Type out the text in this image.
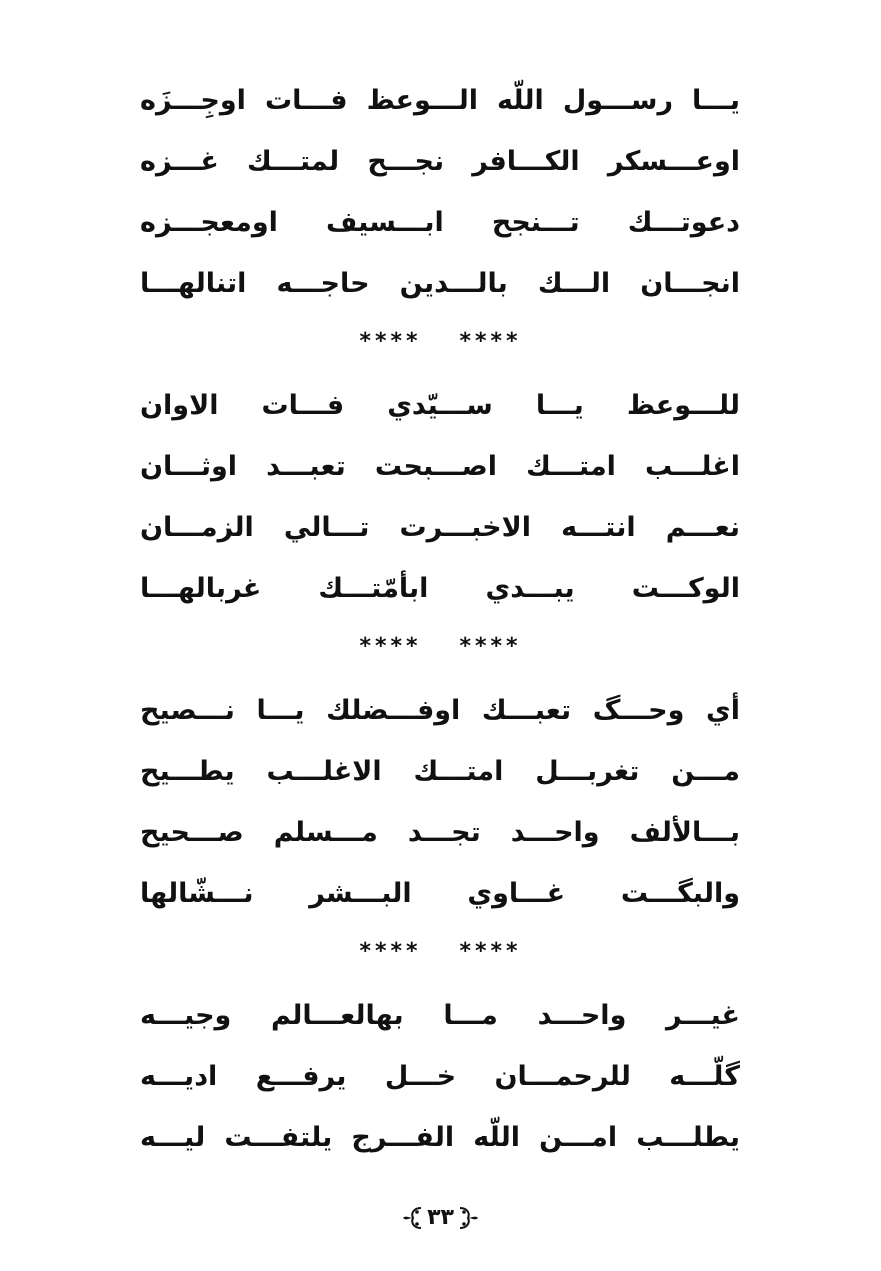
يـــا رســـول اللّه الـــوعظ فـــات اوجِـــزَه
اوعـــسكر الكـــافر نجـــح لمتـــك غـــزه
دعوتـــك تـــنجح ابـــسيف اومعجـــزه
انجـــان الـــك بالـــدين حاجـــه اتنالهـــا
**** ****
للـــوعظ يـــا ســـيّدي فـــات الاوان
اغلـــب امتـــك اصـــبحت تعبـــد اوثـــان
نعـــم انتـــه الاخبـــرت تـــالي الزمـــان
الوكـــت يبـــدي ابأمّتـــك غربالهـــا
**** ****
أي وحـــگ تعبـــك اوفـــضلك يـــا نـــصيح
مـــن تغربـــل امتـــك الاغلـــب يطـــيح
بـــالألف واحـــد تجـــد مـــسلم صـــحيح
والبگـــت غـــاوي البـــشر نـــشّالها
**** ****
غيـــر واحـــد مـــا بهالعـــالم وجيـــه
گلّـــه للرحمـــان خـــل يرفـــع اديـــه
يطلـــب امـــن اللّه الفـــرج يلتفـــت ليـــه
٣٣
